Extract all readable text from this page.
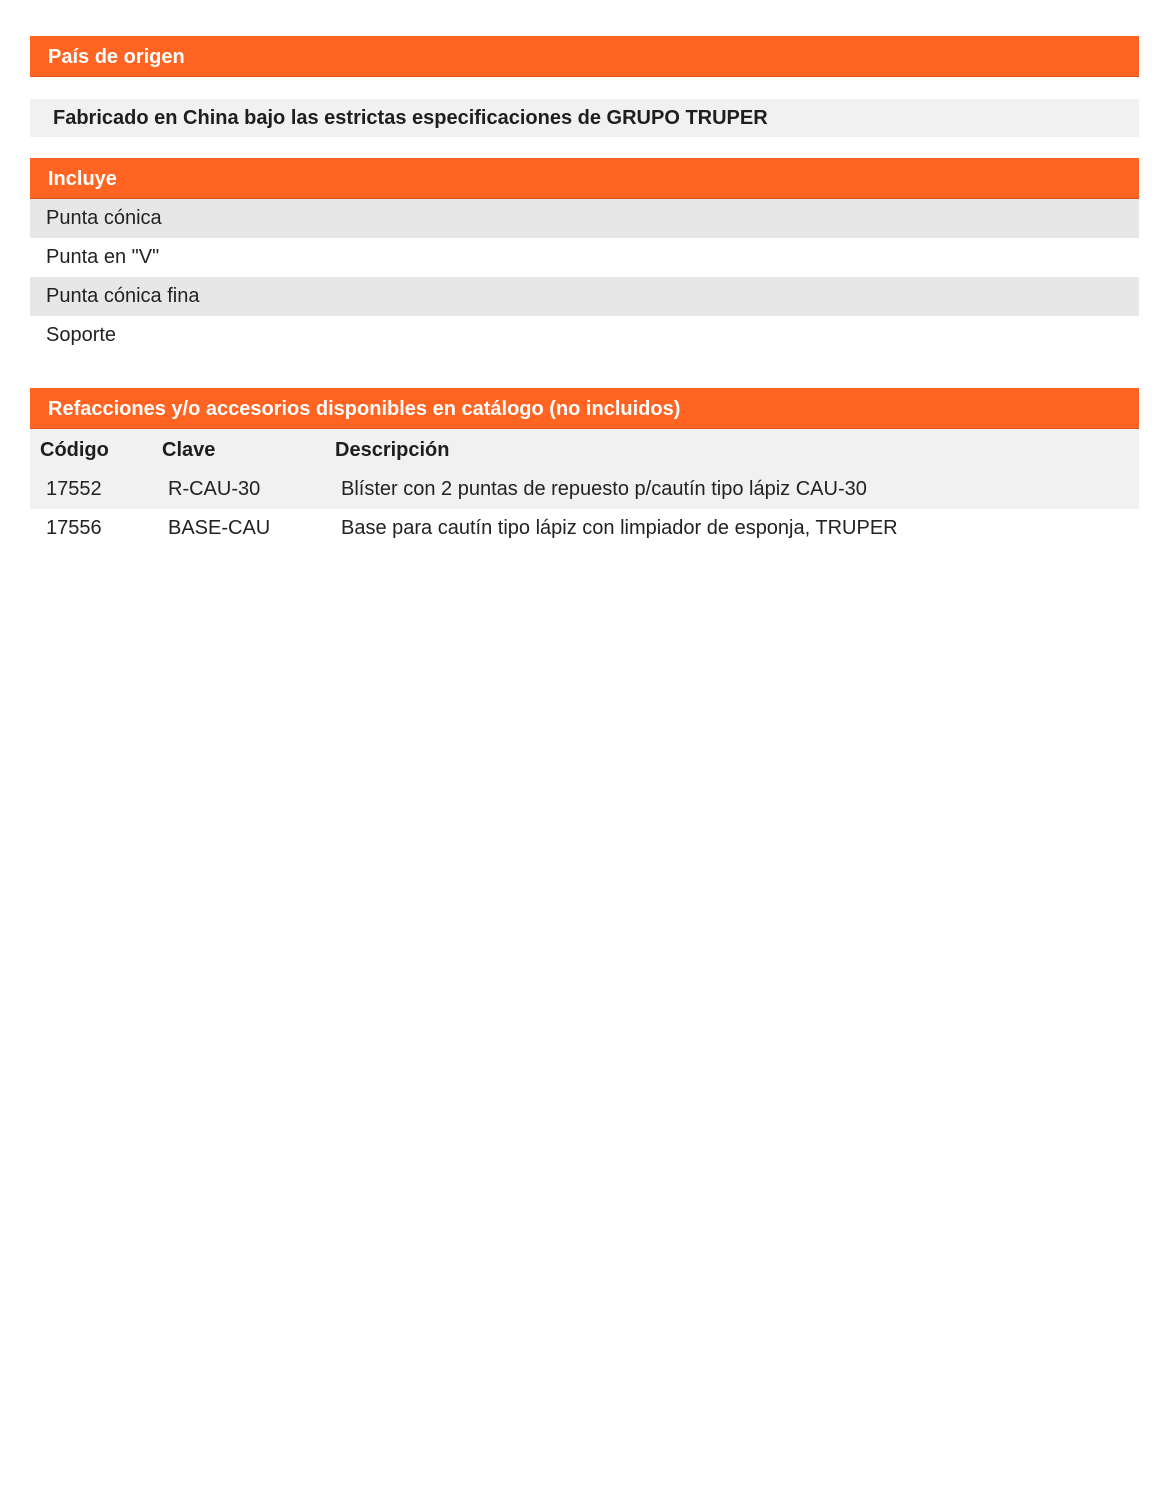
País de origen
Fabricado en China bajo las estrictas especificaciones de GRUPO TRUPER
Incluye
Punta cónica
Punta en "V"
Punta cónica fina
Soporte
Refacciones y/o accesorios disponibles en catálogo (no incluidos)
Código	Clave	Descripción
17552	R-CAU-30	Blíster con 2 puntas de repuesto p/cautín tipo lápiz CAU-30
17556	BASE-CAU	Base para cautín tipo lápiz con limpiador de esponja, TRUPER
